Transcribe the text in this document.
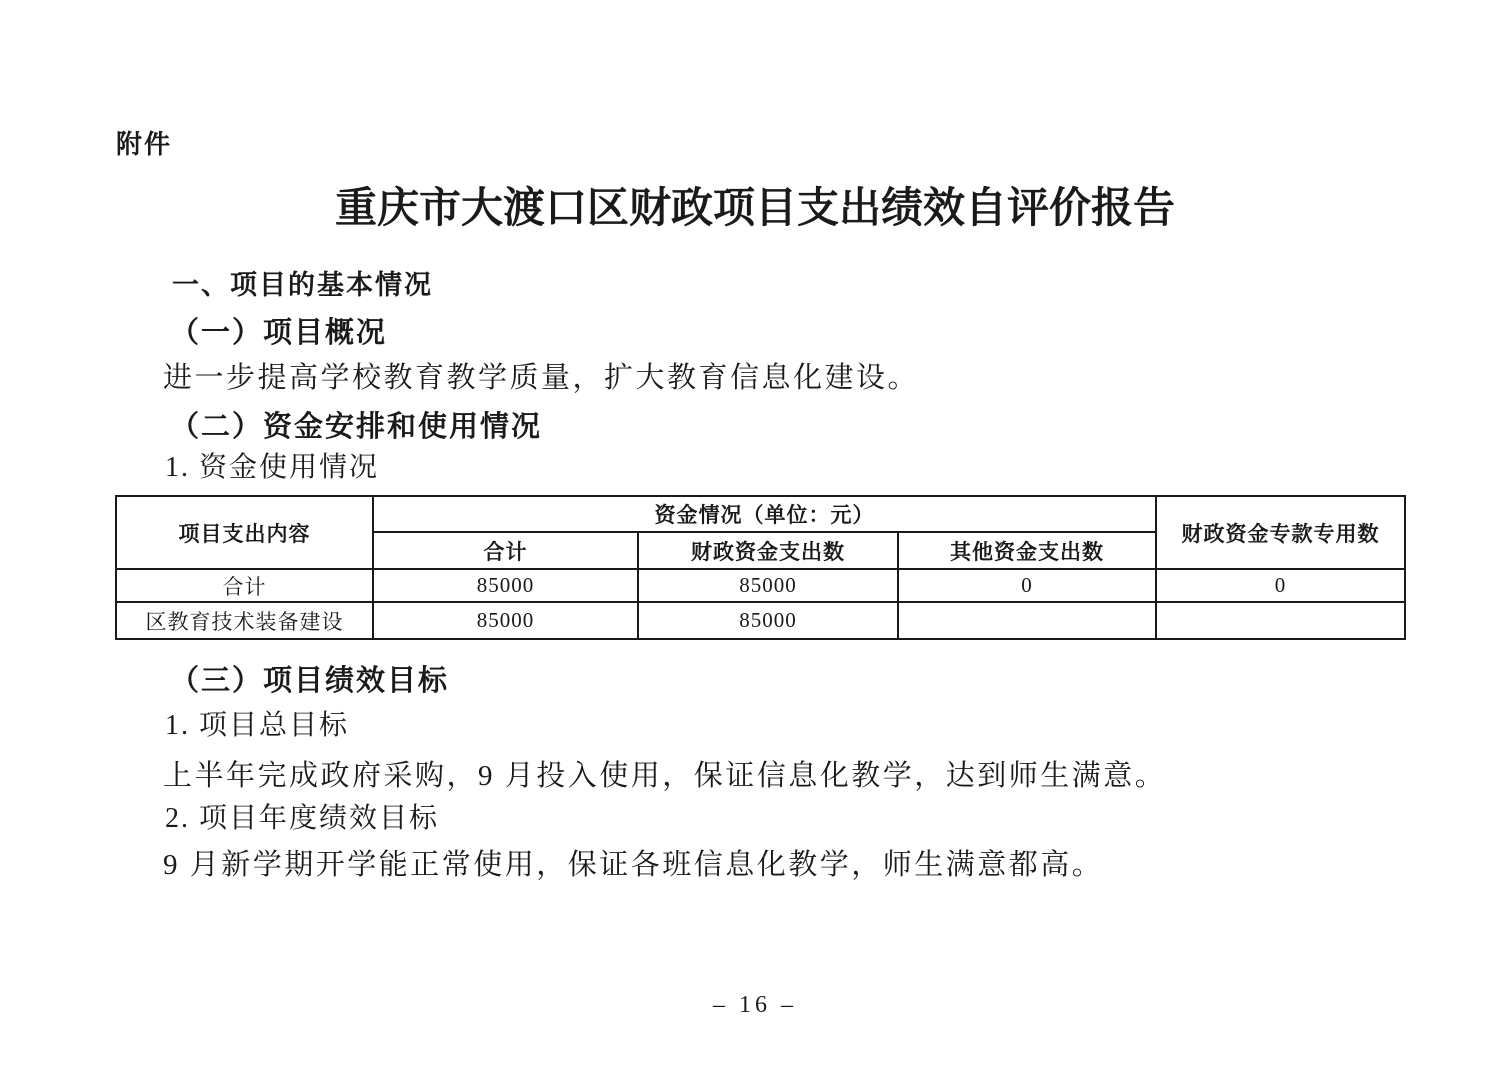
附件
重庆市大渡口区财政项目支出绩效自评价报告
一、项目的基本情况
（一）项目概况
进一步提高学校教育教学质量，扩大教育信息化建设。
（二）资金安排和使用情况
1. 资金使用情况
项目支出内容	资金情况（单位：元）			财政资金专款专用数
	合计	财政资金支出数	其他资金支出数	
合计	85000	85000	0	0
区教育技术装备建设	85000	85000		
（三）项目绩效目标
1. 项目总目标
上半年完成政府采购，9 月投入使用，保证信息化教学，达到师生满意。
2. 项目年度绩效目标
9 月新学期开学能正常使用，保证各班信息化教学，师生满意都高。
– 16 –
